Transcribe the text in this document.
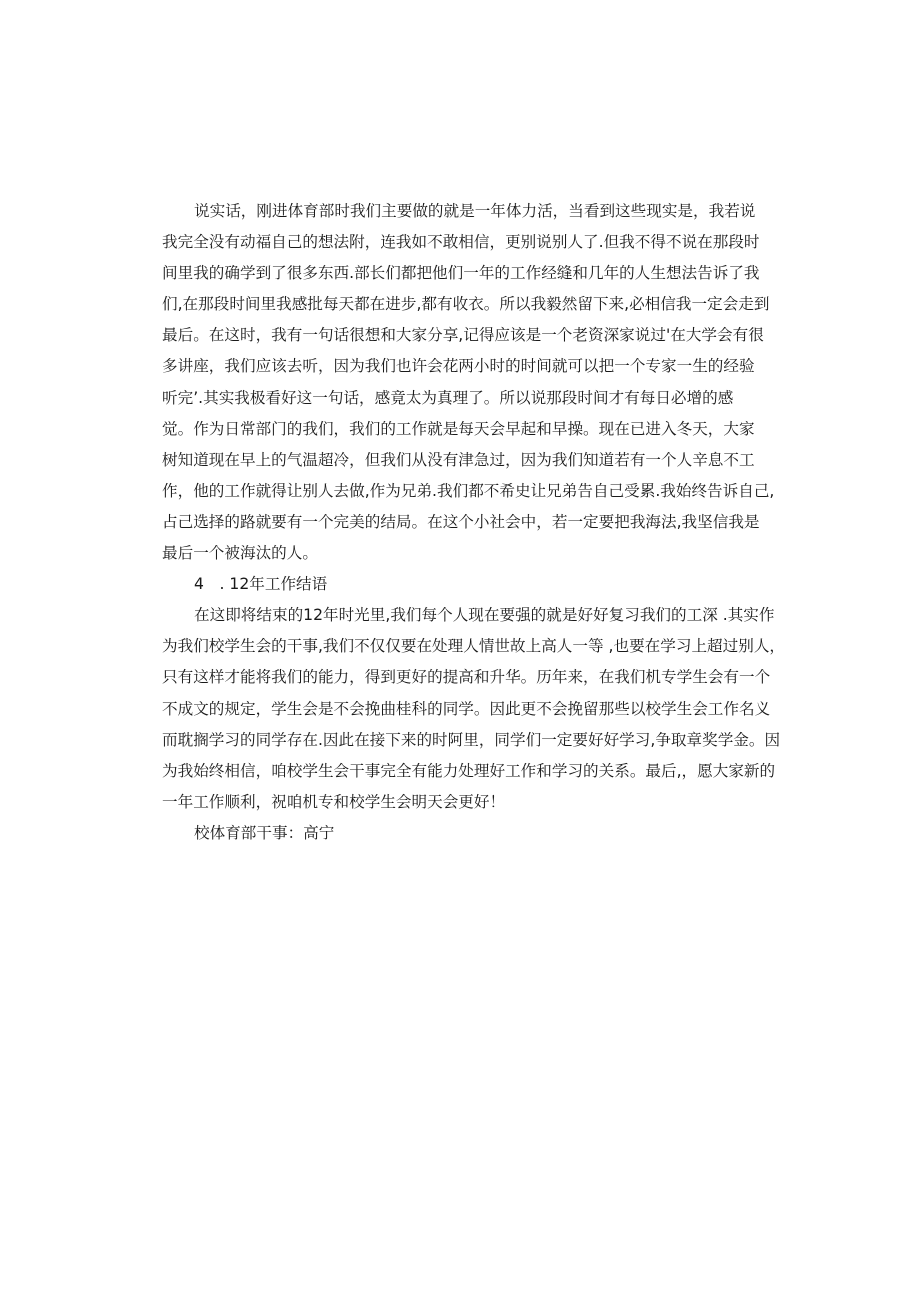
说实话，刚进体育部时我们主要做的就是一年体力活，当看到这些现实是，我若说
我完全没有动福自己的想法附，连我如不敢相信，更别说别人了.但我不得不说在那段时
间里我的确学到了很多东西.部长们都把他们一年的工作经缝和几年的人生想法告诉了我
们,在那段时间里我感批每天都在进步,都有收衣。所以我毅然留下来,必相信我一定会走到
最后。在这时，我有一句话很想和大家分享,记得应该是一个老资深家说过'在大学会有很
多讲座，我们应该去听，因为我们也许会花两小时的时间就可以把一个专家一生的经验
听完’.其实我极看好这一句话，感竟太为真理了。所以说那段时间才有每日必增的感
觉。作为日常部门的我们，我们的工作就是每天会早起和早操。现在已进入冬天，大家
树知道现在早上的气温超冷，但我们从没有津急过，因为我们知道若有一个人辛息不工
作，他的工作就得让别人去做,作为兄弟.我们都不希史让兄弟告自己受累.我始终告诉自己,
占己选择的路就要有一个完美的结局。在这个小社会中，若一定要把我海法,我坚信我是
最后一个被海汰的人。
4　. 12年工作结语
在这即将结束的12年时光里,我们每个人现在要强的就是好好复习我们的工深 .其实作
为我们校学生会的干事,我们不仅仅要在处理人情世故上高人一等 ,也要在学习上超过别人，
只有这样才能将我们的能力，得到更好的提高和升华。历年来，在我们机专学生会有一个
不成文的规定，学生会是不会挽曲桂科的同学。因此更不会挽留那些以校学生会工作名义
而耽搁学习的同学存在.因此在接下来的时阿里，同学们一定要好好学习,争取章奖学金。因
为我始终相信，咱校学生会干事完全有能力处理好工作和学习的关系。最后,，愿大家新的
一年工作顺利，祝咱机专和校学生会明天会更好！
校体育部干事：高宁
